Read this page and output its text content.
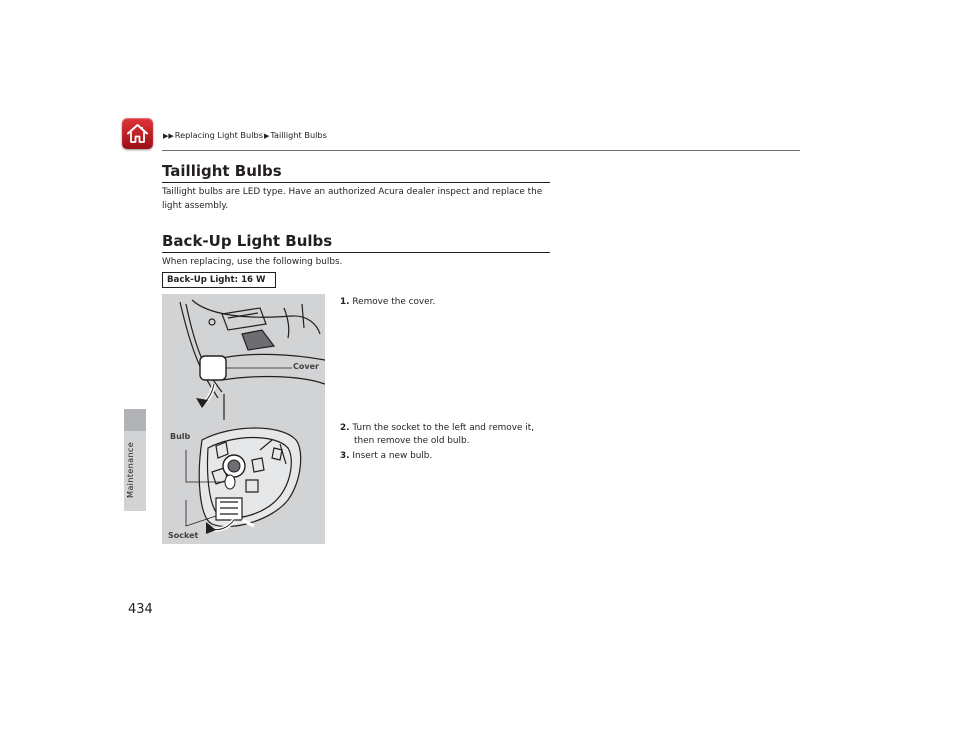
▶▶Replacing Light Bulbs▶Taillight Bulbs
Maintenance
434
Taillight Bulbs
Taillight bulbs are LED type. Have an authorized Acura dealer inspect and replace the
light assembly.
Back-Up Light Bulbs
When replacing, use the following bulbs.
Back-Up Light: 16 W
Cover
Bulb
Socket
1. Remove the cover.
2. Turn the socket to the left and remove it,
then remove the old bulb.
3. Insert a new bulb.
